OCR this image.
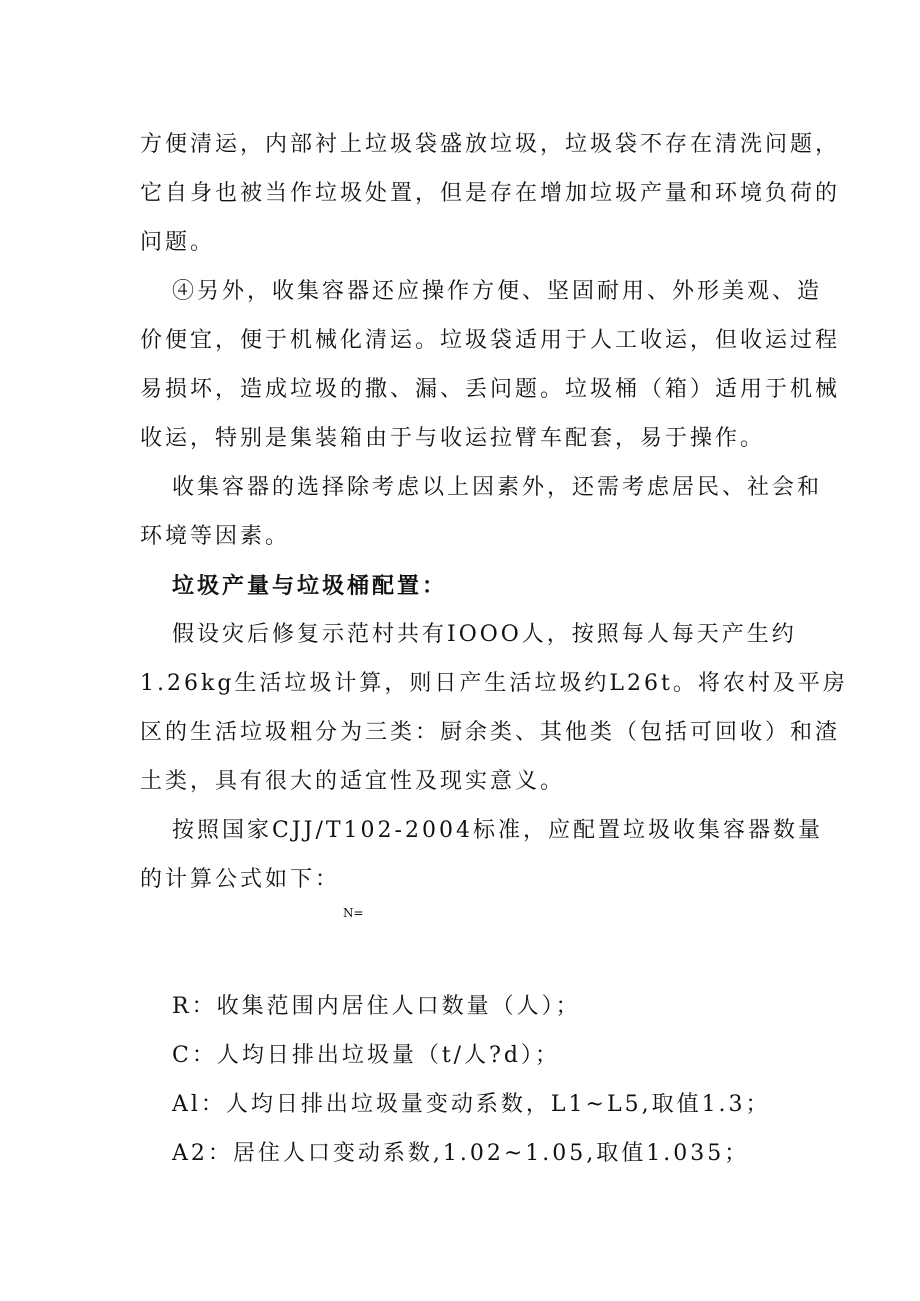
方便清运，内部衬上垃圾袋盛放垃圾，垃圾袋不存在清洗问题，
它自身也被当作垃圾处置，但是存在增加垃圾产量和环境负荷的
问题。
④另外，收集容器还应操作方便、坚固耐用、外形美观、造
价便宜，便于机械化清运。垃圾袋适用于人工收运，但收运过程
易损坏，造成垃圾的撒、漏、丢问题。垃圾桶（箱）适用于机械
收运，特别是集装箱由于与收运拉臂车配套，易于操作。
收集容器的选择除考虑以上因素外，还需考虑居民、社会和
环境等因素。
垃圾产量与垃圾桶配置：
假设灾后修复示范村共有IOOO人，按照每人每天产生约
1.26kg生活垃圾计算，则日产生活垃圾约L26t。将农村及平房
区的生活垃圾粗分为三类：厨余类、其他类（包括可回收）和渣
土类，具有很大的适宜性及现实意义。
按照国家CJJ/T102-2004标准，应配置垃圾收集容器数量
的计算公式如下：
N=
R：收集范围内居住人口数量（人）；
C：人均日排出垃圾量（t/人?d）；
Al：人均日排出垃圾量变动系数，L1~L5,取值1.3；
A2：居住人口变动系数,1.02~1.05,取值1.035；
